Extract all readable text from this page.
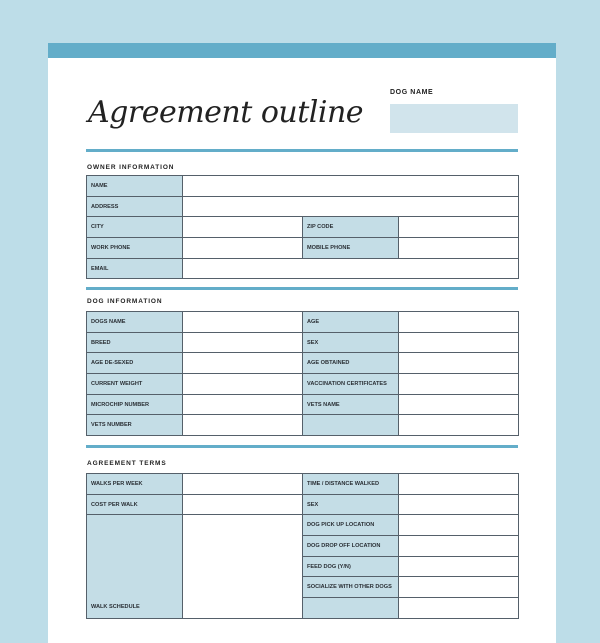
Agreement outline
DOG NAME
OWNER INFORMATION
NAME			
ADDRESS			
CITY		ZIP CODE	
WORK PHONE		MOBILE PHONE	
EMAIL			
DOG INFORMATION
DOGS NAME		AGE	
BREED		SEX	
AGE DE-SEXED		AGE OBTAINED	
CURRENT WEIGHT		VACCINATION CERTIFICATES	
MICROCHIP NUMBER		VETS NAME	
VETS NUMBER			
AGREEMENT TERMS
WALKS PER WEEK		TIME / DISTANCE WALKED	
COST PER WALK		SEX	
WALK SCHEDULE		DOG PICK UP LOCATION	
		DOG DROP OFF LOCATION	
		FEED DOG (Y/N)	
		SOCIALIZE WITH OTHER DOGS	
